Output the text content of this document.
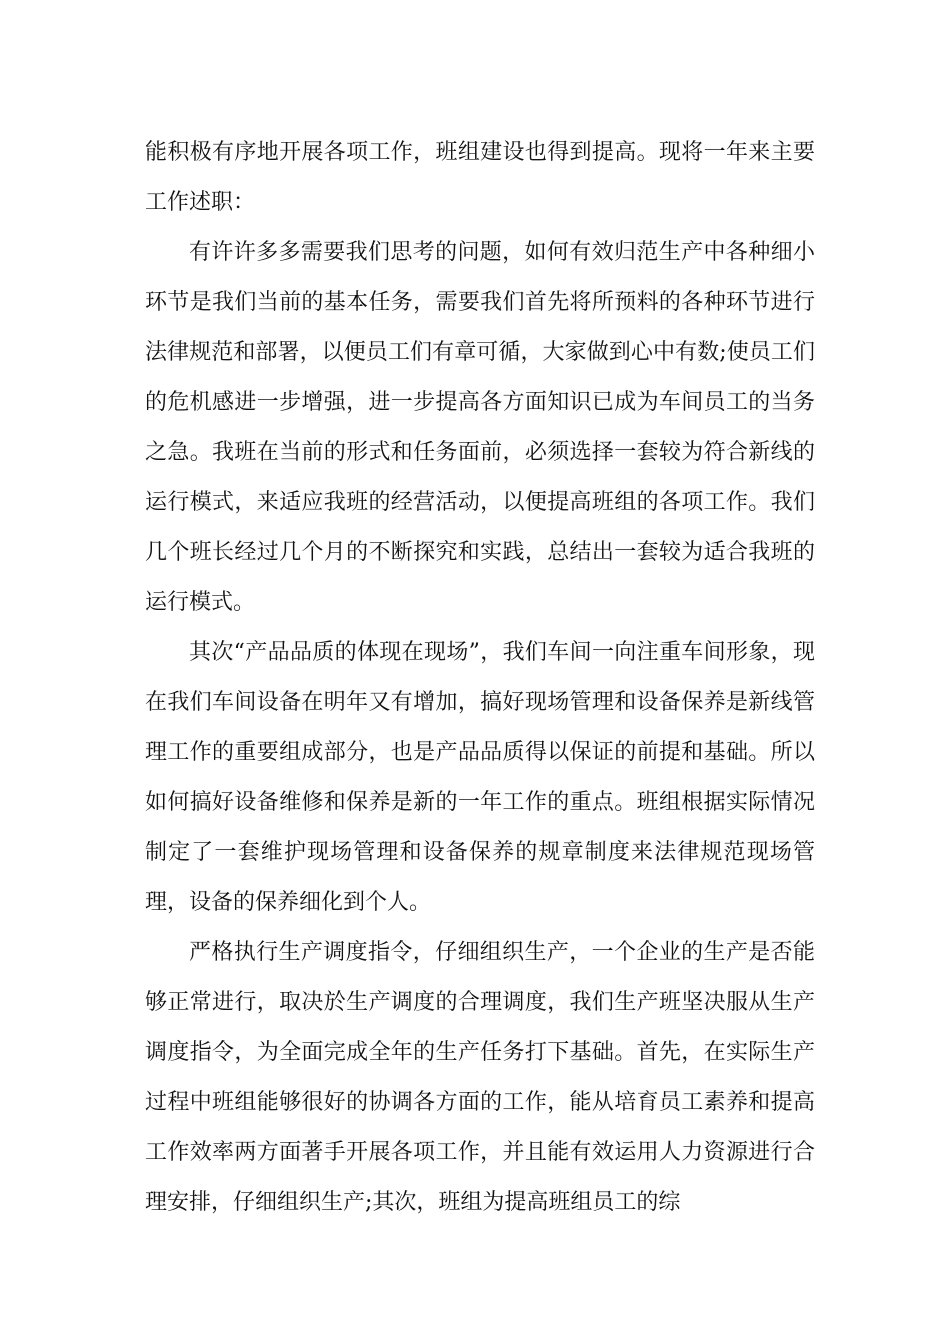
能积极有序地开展各项工作，班组建设也得到提高。现将一年来主要工作述职：

有许许多多需要我们思考的问题，如何有效归范生产中各种细小环节是我们当前的基本任务，需要我们首先将所预料的各种环节进行法律规范和部署，以便员工们有章可循，大家做到心中有数;使员工们的危机感进一步增强，进一步提高各方面知识已成为车间员工的当务之急。我班在当前的形式和任务面前，必须选择一套较为符合新线的运行模式，来适应我班的经营活动，以便提高班组的各项工作。我们几个班长经过几个月的不断探究和实践，总结出一套较为适合我班的运行模式。

其次“产品品质的体现在现场”，我们车间一向注重车间形象，现在我们车间设备在明年又有增加，搞好现场管理和设备保养是新线管理工作的重要组成部分，也是产品品质得以保证的前提和基础。所以如何搞好设备维修和保养是新的一年工作的重点。班组根据实际情况制定了一套维护现场管理和设备保养的规章制度来法律规范现场管理，设备的保养细化到个人。

严格执行生产调度指令，仔细组织生产，一个企业的生产是否能够正常进行，取决於生产调度的合理调度，我们生产班坚决服从生产调度指令，为全面完成全年的生产任务打下基础。首先，在实际生产过程中班组能够很好的协调各方面的工作，能从培育员工素养和提高工作效率两方面著手开展各项工作，并且能有效运用人力资源进行合理安排，仔细组织生产;其次，班组为提高班组员工的综
